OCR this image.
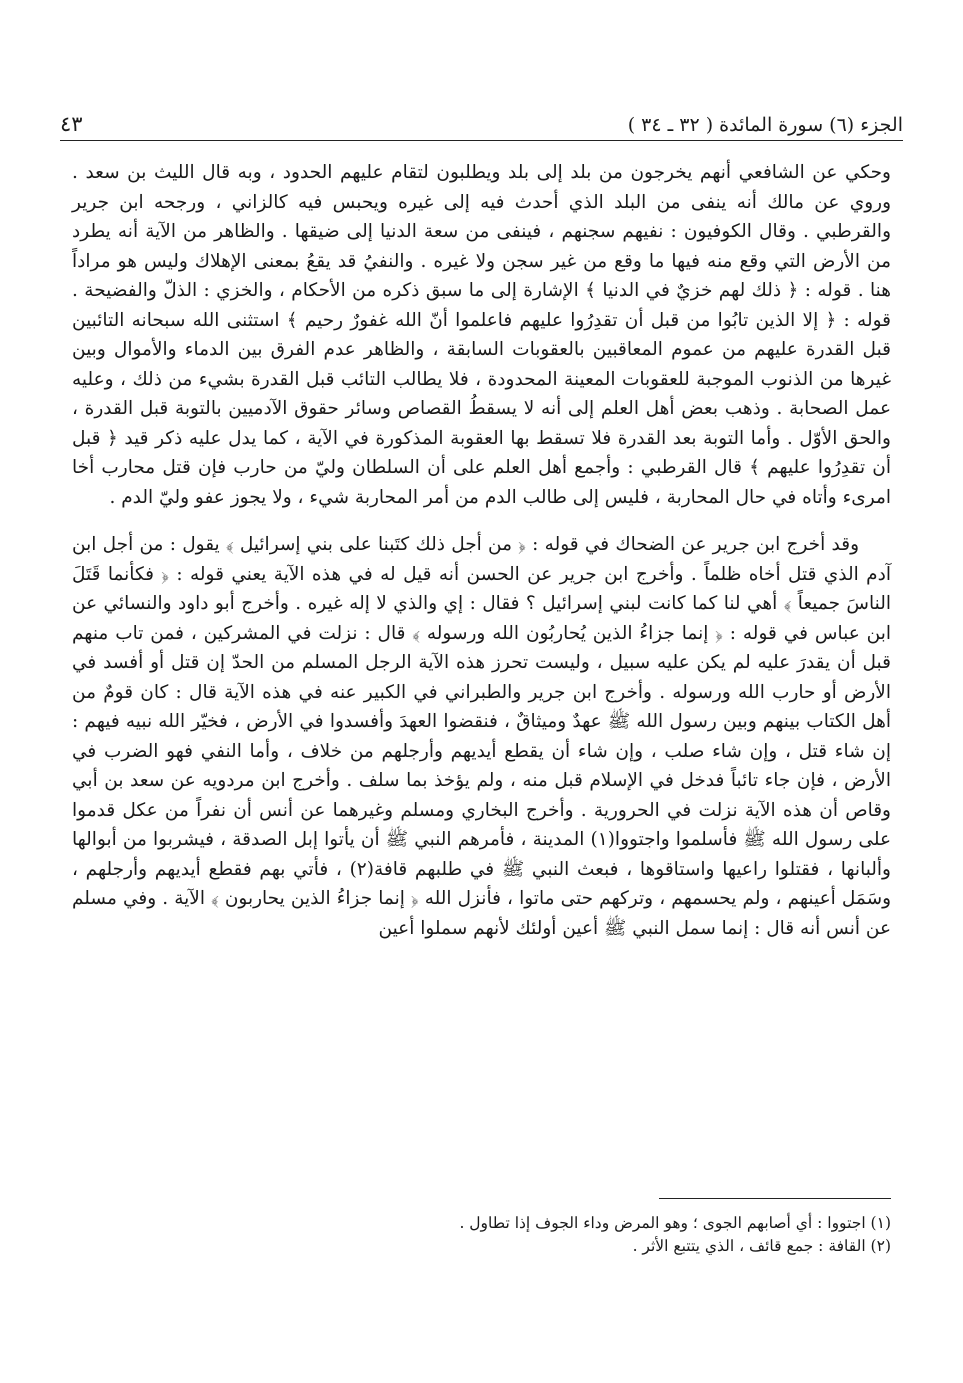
الجزء (٦) سورة المائدة ( ٣٢ ـ ٣٤ )
٤٣

وحكي عن الشافعي أنهم يخرجون من بلد إلى بلد ويطلبون لتقام عليهم الحدود ، وبه قال الليث بن سعد . وروي عن مالك أنه ينفى من البلد الذي أحدث فيه إلى غيره ويحبس فيه كالزاني ، ورجحه ابن جرير والقرطبي . وقال الكوفيون : نفيهم سجنهم ، فينفى من سعة الدنيا إلى ضيقها . والظاهر من الآية أنه يطرد من الأرض التي وقع منه فيها ما وقع من غير سجن ولا غيره . والنفيُ قد يقعُ بمعنى الإهلاك وليس هو مراداً هنا . قوله : ﴿ ذلك لهم خزيٌ في الدنيا ﴾ الإشارة إلى ما سبق ذكره من الأحكام ، والخزي : الذلّ والفضيحة . قوله : ﴿ إلا الذين تابُوا من قبل أن تقدِرُوا عليهم فاعلموا أنّ الله غفورٌ رحيم ﴾ استثنى الله سبحانه التائبين قبل القدرة عليهم من عموم المعاقبين بالعقوبات السابقة ، والظاهر عدم الفرق بين الدماء والأموال وبين غيرها من الذنوب الموجبة للعقوبات المعينة المحدودة ، فلا يطالب التائب قبل القدرة بشيء من ذلك ، وعليه عمل الصحابة . وذهب بعض أهل العلم إلى أنه لا يسقطُ القصاص وسائر حقوق الآدميين بالتوبة قبل القدرة ، والحق الأوّل . وأما التوبة بعد القدرة فلا تسقط بها العقوبة المذكورة في الآية ، كما يدل عليه ذكر قيد ﴿ قبل أن تقدِرُوا عليهم ﴾ قال القرطبي : وأجمع أهل العلم على أن السلطان وليّ من حارب فإن قتل محارب أخا امرىء وأتاه في حال المحاربة ، فليس إلى طالب الدم من أمر المحاربة شيء ، ولا يجوز عفو وليّ الدم .

وقد أخرج ابن جرير عن الضحاك في قوله : ﴿ من أجل ذلك كتَبنا على بني إسرائيل ﴾ يقول : من أجل ابن آدم الذي قتل أخاه ظلماً . وأخرج ابن جرير عن الحسن أنه قيل له في هذه الآية يعني قوله : ﴿ فكأنما قَتَلَ الناسَ جميعاً ﴾ أهي لنا كما كانت لبني إسرائيل ؟ فقال : إي والذي لا إله غيره . وأخرج أبو داود والنسائي عن ابن عباس في قوله : ﴿ إنما جزاءُ الذين يُحاربُون الله ورسوله ﴾ قال : نزلت في المشركين ، فمن تاب منهم قبل أن يقدرَ عليه لم يكن عليه سبيل ، وليست تحرز هذه الآية الرجل المسلم من الحدّ إن قتل أو أفسد في الأرض أو حارب الله ورسوله . وأخرج ابن جرير والطبراني في الكبير عنه في هذه الآية قال : كان قومٌ من أهل الكتاب بينهم وبين رسول الله ﷺ عهدٌ وميثاقٌ ، فنقضوا العهدَ وأفسدوا في الأرض ، فخيّر الله نبيه فيهم : إن شاء قتل ، وإن شاء صلب ، وإن شاء أن يقطع أيديهم وأرجلهم من خلاف ، وأما النفي فهو الضرب في الأرض ، فإن جاء تائباً فدخل في الإسلام قبل منه ، ولم يؤخذ بما سلف . وأخرج ابن مردويه عن سعد بن أبي وقاص أن هذه الآية نزلت في الحرورية . وأخرج البخاري ومسلم وغيرهما عن أنس أن نفراً من عكل قدموا على رسول الله ﷺ فأسلموا واجتووا(١) المدينة ، فأمرهم النبي ﷺ أن يأتوا إبل الصدقة ، فيشربوا من أبوالها وألبانها ، فقتلوا راعيها واستاقوها ، فبعث النبي ﷺ في طلبهم قافة(٢) ، فأتي بهم فقطع أيديهم وأرجلهم ، وسَمَل أعينهم ، ولم يحسمهم ، وتركهم حتى ماتوا ، فأنزل الله ﴿ إنما جزاءُ الذين يحاربون ﴾ الآية . وفي مسلم عن أنس أنه قال : إنما سمل النبي ﷺ أعين أولئك لأنهم سملوا أعين

(١) اجتووا : أي أصابهم الجوى ؛ وهو المرض وداء الجوف إذا تطاول .

(٢) القافة : جمع قائف ، الذي يتتبع الأثر .
